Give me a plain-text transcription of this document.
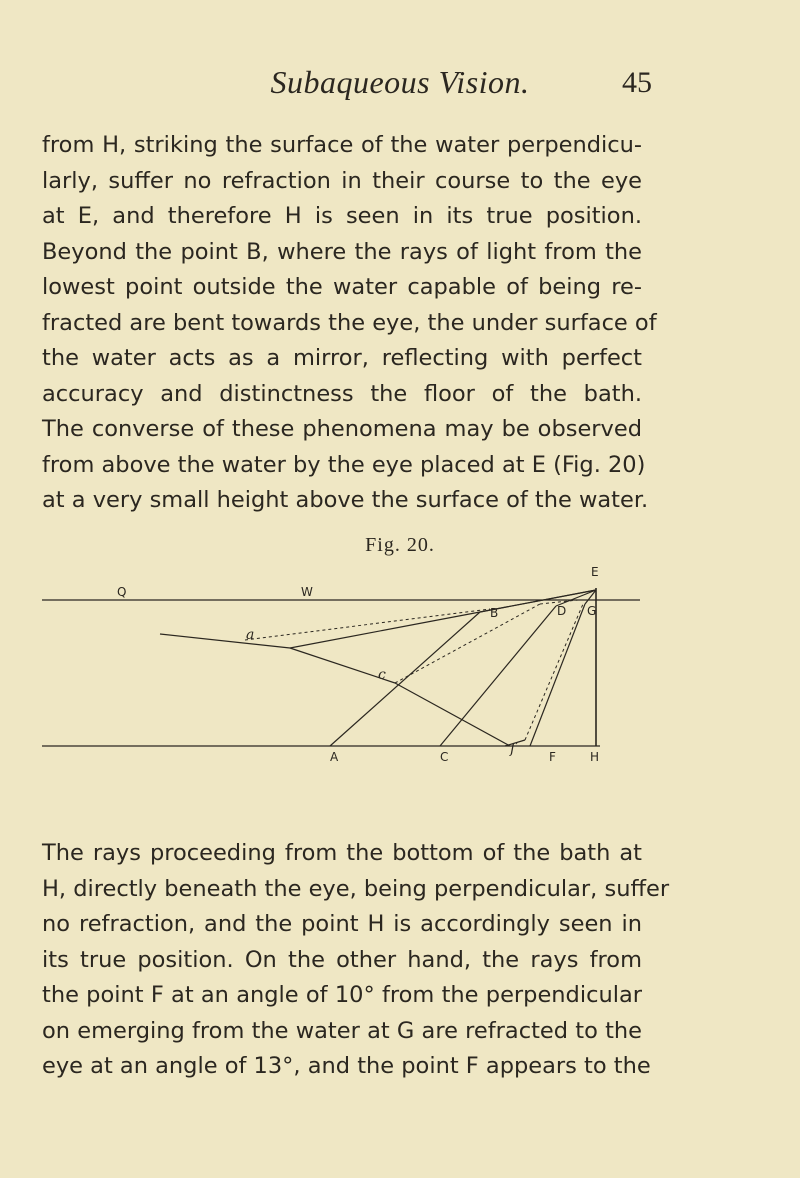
Subaqueous Vision.	45
from H, striking the surface of the water perpendicu-
larly, suffer no refraction in their course to the eye
at E, and therefore H is seen in its true position.
Beyond the point B, where the rays of light from the
lowest point outside the water capable of being re-
fracted are bent towards the eye, the under surface of
the water acts as a mirror, reflecting with perfect
accuracy and distinctness the floor of the bath.
The converse of these phenomena may be observed
from above the water by the eye placed at E (Fig. 20)
at a very small height above the surface of the water.
Fig. 20.
Q	W
E
B	D G
a
c
A	C	f	F	H
The rays proceeding from the bottom of the bath at
H, directly beneath the eye, being perpendicular, suffer
no refraction, and the point H is accordingly seen in
its true position. On the other hand, the rays from
the point F at an angle of 10° from the perpendicular
on emerging from the water at G are refracted to the
eye at an angle of 13°, and the point F appears to the
